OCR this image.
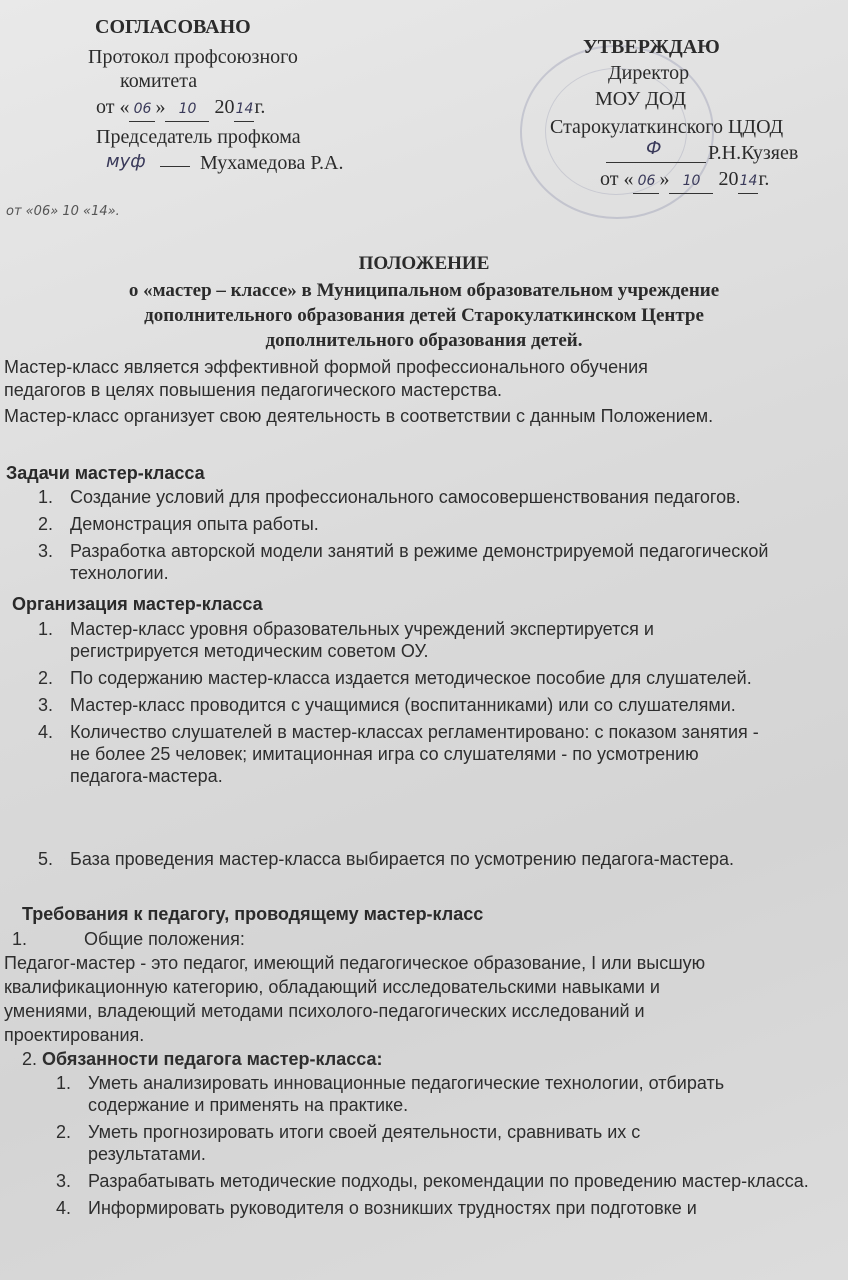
СОГЛАСОВАНО
Протокол профсоюзного
комитета
от « 06 » 10 2014г.
Председатель профкома
муф	Мухамедова Р.А.
от «06» 10 «14».
УТВЕРЖДАЮ
Директор
МОУ ДОД
Старокулаткинского ЦДОД
Ф Р.Н.Кузяев
от « 06 » 10 2014г.
ПОЛОЖЕНИЕ
о «мастер – классе» в Муниципальном образовательном учреждение
дополнительного образования детей Старокулаткинском Центре
дополнительного образования детей.
Мастер-класс является эффективной формой профессионального обучения
педагогов в целях повышения педагогического мастерства.
Мастер-класс организует свою деятельность в соответствии с данным Положением.
Задачи мастер-класса
1. Создание условий для профессионального самосовершенствования педагогов.
2. Демонстрация опыта работы.
3. Разработка авторской модели занятий в режиме демонстрируемой педагогической технологии.
Организация мастер-класса
1. Мастер-класс уровня образовательных учреждений экспертируется и регистрируется методическим советом ОУ.
2. По содержанию мастер-класса издается методическое пособие для слушателей.
3. Мастер-класс проводится с учащимися (воспитанниками) или со слушателями.
4. Количество слушателей в мастер-классах регламентировано: с показом занятия - не более 25 человек; имитационная игра со слушателями - по усмотрению педагога-мастера.
5. База проведения мастер-класса выбирается по усмотрению педагога-мастера.
Требования к педагогу, проводящему мастер-класс
1.	Общие положения:
Педагог-мастер - это педагог, имеющий педагогическое образование, I или высшую
квалификационную категорию, обладающий исследовательскими навыками и
умениями, владеющий методами психолого-педагогических исследований и
проектирования.
2. Обязанности педагога мастер-класса:
1. Уметь анализировать инновационные педагогические технологии, отбирать содержание и применять на практике.
2. Уметь прогнозировать итоги своей деятельности, сравнивать их с результатами.
3. Разрабатывать методические подходы, рекомендации по проведению мастер-класса.
4. Информировать руководителя о возникших трудностях при подготовке и
